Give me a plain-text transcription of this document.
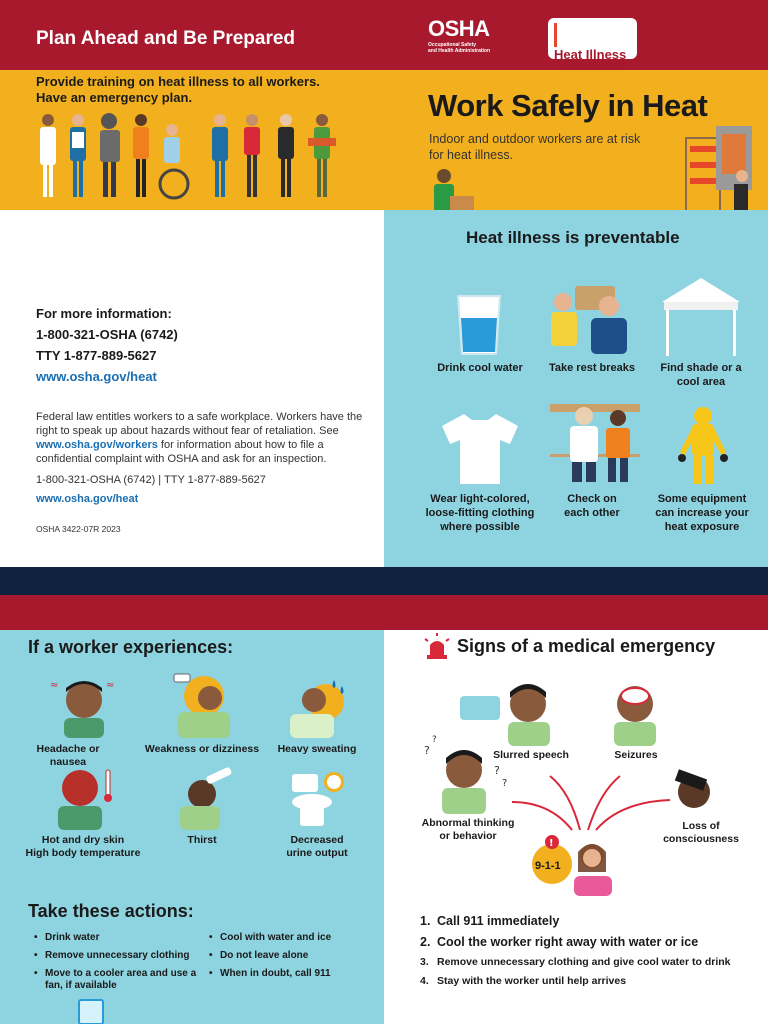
Plan Ahead and Be Prepared	OSHA
Occupational Safety
and Health Administration
	Heat Illness
Provide training on heat illness to all workers.
Have an emergency plan.	Work Safely in Heat
Indoor and outdoor workers are at risk
for heat illness.
For more information:
1-800-321-OSHA (6742)
TTY 1-877-889-5627
www.osha.gov/heat
Federal law entitles workers to a safe workplace. Workers have the right to speak up about hazards without fear of retaliation. See www.osha.gov/workers for information about how to file a confidential complaint with OSHA and ask for an inspection.
1-800-321-OSHA (6742) | TTY 1-877-889-5627
www.osha.gov/heat
OSHA 3422-07R 2023
Heat illness is preventable
Drink cool water	Take rest breaks	Find shade or a cool area
Wear light-colored, loose-fitting clothing where possible
Check on each other
Some equipment can increase your heat exposure
If a worker experiences:
≈	≈
Headache or nausea
Weakness or dizziness	Heavy sweating
Hot and dry skin
High body temperature
Thirst	Decreased urine output
Take these actions:
• Drink water
• Remove unnecessary clothing
• Move to a cooler area and use a fan, if available
• Cool with water and ice
• Do not leave alone
• When in doubt, call 911
Signs of a medical emergency
Slurred speech	Seizures
?
?
?
?
Abnormal thinking or behavior
Loss of consciousness
!
9-1-1
1. Call 911 immediately
2. Cool the worker right away with water or ice
3. Remove unnecessary clothing and give cool water to drink
4. Stay with the worker until help arrives
